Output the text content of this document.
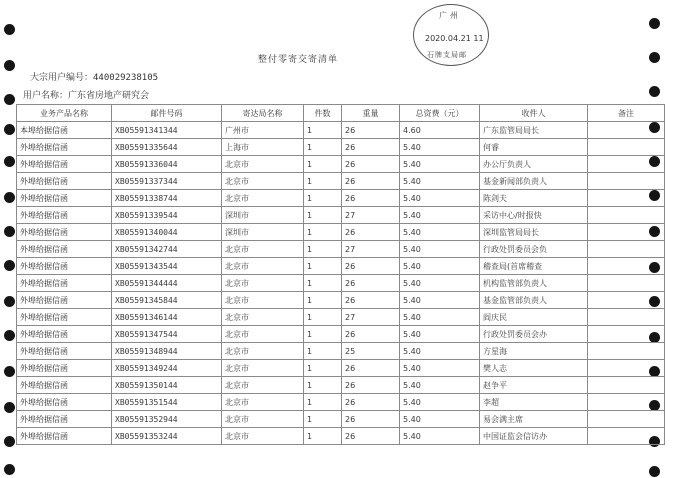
广州
2020.04.21 11
石牌支局邮
整付零寄交寄清单
大宗用户编号：440029238105
用户名称：广东省房地产研究会
业务产品名称	邮件号码	寄达局名称	件数	重量	总资费（元）	收件人	备注
本埠给据信函	XB05591341344	广州市	1	26	4.60	广东监管局局长	
外埠给据信函	XB05591335644	上海市	1	26	5.40	何睿	
外埠给据信函	XB05591336044	北京市	1	26	5.40	办公厅负责人	
外埠给据信函	XB05591337344	北京市	1	26	5.40	基金新闻部负责人	
外埠给据信函	XB05591338744	北京市	1	26	5.40	陈剑夫	
外埠给据信函	XB05591339544	深圳市	1	27	5.40	采访中心/时报快	
外埠给据信函	XB05591340044	深圳市	1	26	5.40	深圳监管局局长	
外埠给据信函	XB05591342744	北京市	1	27	5.40	行政处罚委员会负	
外埠给据信函	XB05591343544	北京市	1	26	5.40	稽查局(首席稽查	
外埠给据信函	XB05591344444	北京市	1	26	5.40	机构监管部负责人	
外埠给据信函	XB05591345844	北京市	1	26	5.40	基金监管部负责人	
外埠给据信函	XB05591346144	北京市	1	27	5.40	阎庆民	
外埠给据信函	XB05591347544	北京市	1	26	5.40	行政处罚委员会办	
外埠给据信函	XB05591348944	北京市	1	25	5.40	方星海	
外埠给据信函	XB05591349244	北京市	1	26	5.40	樊人志	
外埠给据信函	XB05591350144	北京市	1	26	5.40	赵争平	
外埠给据信函	XB05591351544	北京市	1	26	5.40	李超	
外埠给据信函	XB05591352944	北京市	1	26	5.40	易会满主席	
外埠给据信函	XB05591353244	北京市	1	26	5.40	中国证监会信访办	
